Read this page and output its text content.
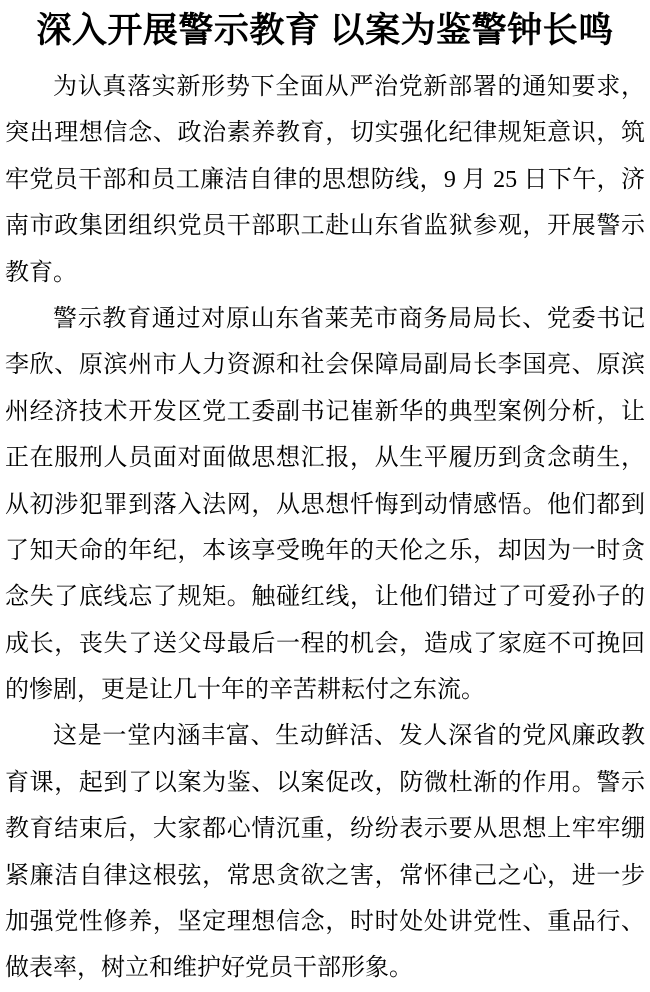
深入开展警示教育 以案为鉴警钟长鸣
为认真落实新形势下全面从严治党新部署的通知要求，
突出理想信念、政治素养教育，切实强化纪律规矩意识，筑
牢党员干部和员工廉洁自律的思想防线，9 月 25 日下午，济
南市政集团组织党员干部职工赴山东省监狱参观，开展警示
教育。
警示教育通过对原山东省莱芜市商务局局长、党委书记
李欣、原滨州市人力资源和社会保障局副局长李国亮、原滨
州经济技术开发区党工委副书记崔新华的典型案例分析，让
正在服刑人员面对面做思想汇报，从生平履历到贪念萌生，
从初涉犯罪到落入法网，从思想忏悔到动情感悟。他们都到
了知天命的年纪，本该享受晚年的天伦之乐，却因为一时贪
念失了底线忘了规矩。触碰红线，让他们错过了可爱孙子的
成长，丧失了送父母最后一程的机会，造成了家庭不可挽回
的惨剧，更是让几十年的辛苦耕耘付之东流。
这是一堂内涵丰富、生动鲜活、发人深省的党风廉政教
育课，起到了以案为鉴、以案促改，防微杜渐的作用。警示
教育结束后，大家都心情沉重，纷纷表示要从思想上牢牢绷
紧廉洁自律这根弦，常思贪欲之害，常怀律己之心，进一步
加强党性修养，坚定理想信念，时时处处讲党性、重品行、
做表率，树立和维护好党员干部形象。
